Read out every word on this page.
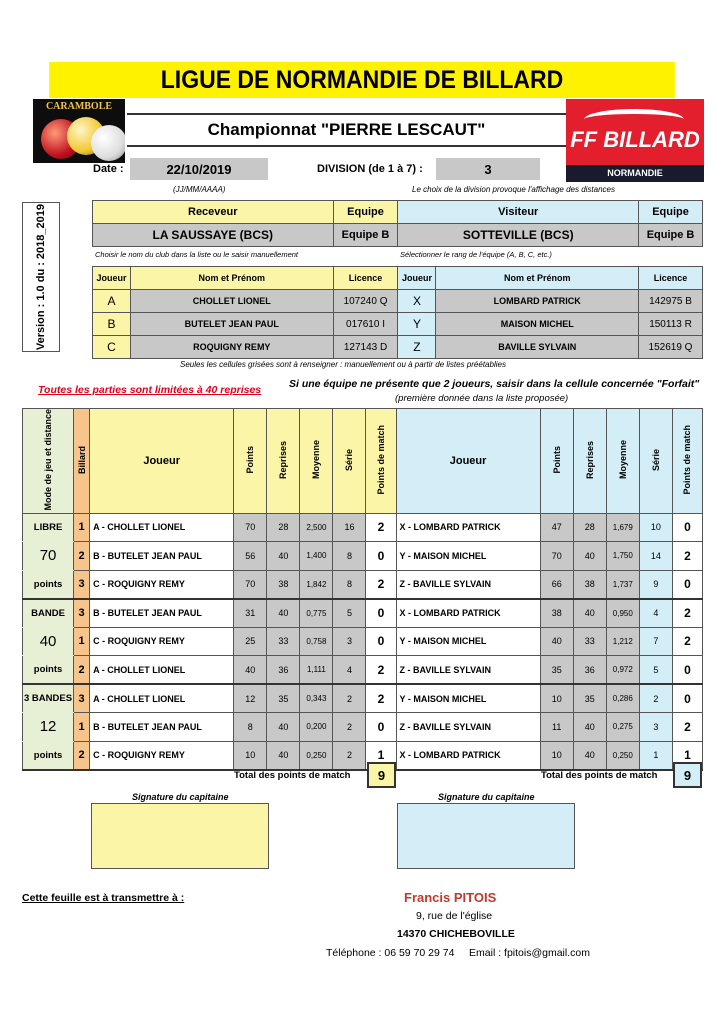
LIGUE DE NORMANDIE DE BILLARD
CARAMBOLE
Championnat "PIERRE LESCAUT"	FF BILLARD
NORMANDIE
Date :	22/10/2019	DIVISION (de 1 à 7) :	3
(JJ/MM/AAAA)	Le choix de la division provoque l'affichage des distances
Version : 1.0 du : 2018_2019	Receveur	Equipe	Visiteur	Equipe
LA SAUSSAYE (BCS)	Equipe B	SOTTEVILLE (BCS)	Equipe B
Choisir le nom du club dans la liste ou le saisir manuellement	Sélectionner le rang de l'équipe (A, B, C, etc.)
Joueur	Nom et Prénom	Licence	Joueur	Nom et Prénom	Licence
A	CHOLLET LIONEL	107240 Q	X	LOMBARD PATRICK	142975 B
B	BUTELET JEAN PAUL	017610 I	Y	MAISON MICHEL	150113 R
C	ROQUIGNY REMY	127143 D	Z	BAVILLE SYLVAIN	152619 Q
Seules les cellules grisées sont à renseigner : manuellement ou à partir de listes préétablies
Toutes les parties sont limitées à 40 reprises	Si une équipe ne présente que 2 joueurs, saisir dans la cellule concernée "Forfait"
(première donnée dans la liste proposée)
Mode de jeu et distance	Billard	Joueur	Points	Reprises	Moyenne	Série	Points de match	Joueur	Points	Reprises	Moyenne	Série	Points de match
LIBRE	1	A - CHOLLET LIONEL	70	28	2,500	16	2	X - LOMBARD PATRICK	47	28	1,679	10	0
70	2	B - BUTELET JEAN PAUL	56	40	1,400	8	0	Y - MAISON MICHEL	70	40	1,750	14	2
points	3	C - ROQUIGNY REMY	70	38	1,842	8	2	Z - BAVILLE SYLVAIN	66	38	1,737	9	0
BANDE	3	B - BUTELET JEAN PAUL	31	40	0,775	5	0	X - LOMBARD PATRICK	38	40	0,950	4	2
40	1	C - ROQUIGNY REMY	25	33	0,758	3	0	Y - MAISON MICHEL	40	33	1,212	7	2
points	2	A - CHOLLET LIONEL	40	36	1,111	4	2	Z - BAVILLE SYLVAIN	35	36	0,972	5	0
3 BANDES	3	A - CHOLLET LIONEL	12	35	0,343	2	2	Y - MAISON MICHEL	10	35	0,286	2	0
12	1	B - BUTELET JEAN PAUL	8	40	0,200	2	0	Z - BAVILLE SYLVAIN	11	40	0,275	3	2
points	2	C - ROQUIGNY REMY	10	40	0,250	2	1	X - LOMBARD PATRICK	10	40	0,250	1	1
Total des points de match	9	Total des points de match	9
Signature du capitaine	Signature du capitaine
Cette feuille est à transmettre à :	Francis PITOIS
9, rue de l'église
14370 CHICHEBOVILLE
Téléphone : 06 59 70 29 74     Email : fpitois@gmail.com
